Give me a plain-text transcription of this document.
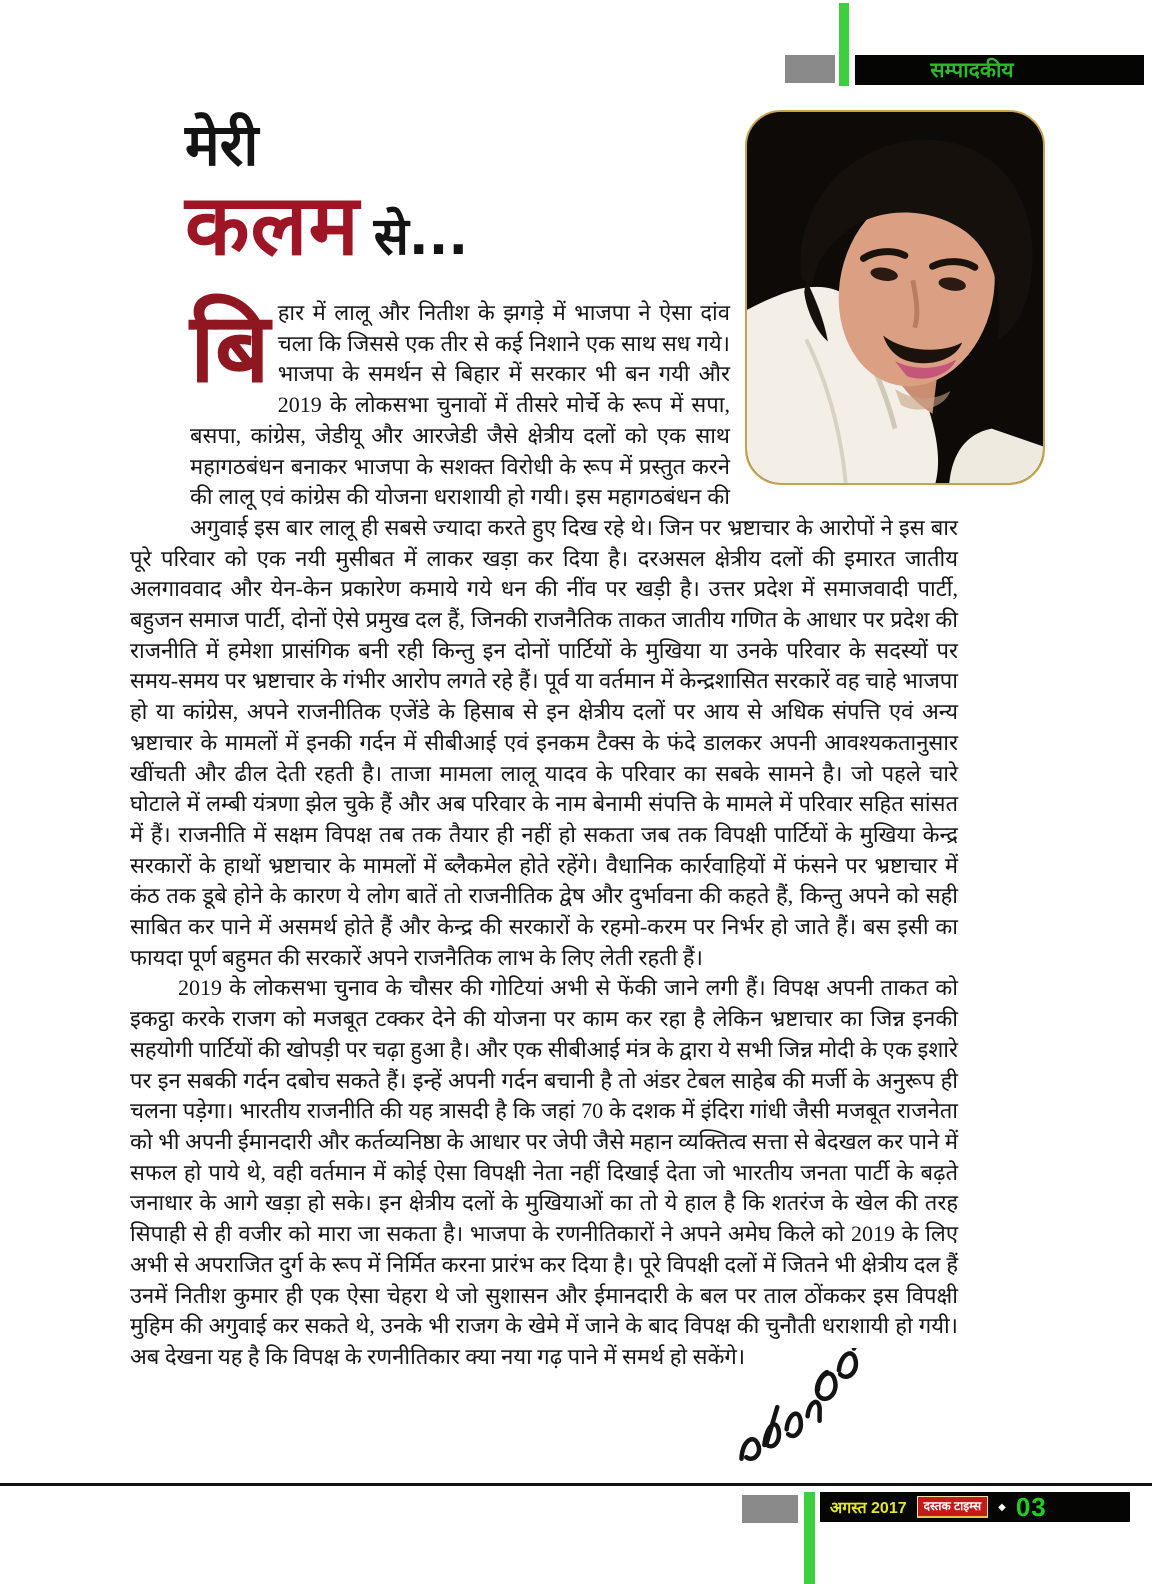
सम्पादकीय
मेरी
कलम से...
बि हार में लालू और नितीश के झगड़े में भाजपा ने ऐसा दांव चला कि जिससे एक तीर से कई निशाने एक साथ सध गये। भाजपा के समर्थन से बिहार में सरकार भी बन गयी और 2019 के लोकसभा चुनावों में तीसरे मोर्चे के रूप में सपा, बसपा, कांग्रेस, जेडीयू और आरजेडी जैसे क्षेत्रीय दलों को एक साथ महागठबंधन बनाकर भाजपा के सशक्त विरोधी के रूप में प्रस्तुत करने की लालू एवं कांग्रेस की योजना धराशायी हो गयी। इस महागठबंधन की अगुवाई इस बार लालू ही सबसे ज्यादा करते हुए दिख रहे थे। जिन पर भ्रष्टाचार के आरोपों ने इस बार पूरे परिवार को एक नयी मुसीबत में लाकर खड़ा कर दिया है। दरअसल क्षेत्रीय दलों की इमारत जातीय अलगाववाद और येन-केन प्रकारेण कमाये गये धन की नींव पर खड़ी है। उत्तर प्रदेश में समाजवादी पार्टी, बहुजन समाज पार्टी, दोनों ऐसे प्रमुख दल हैं, जिनकी राजनैतिक ताकत जातीय गणित के आधार पर प्रदेश की राजनीति में हमेशा प्रासंगिक बनी रही किन्तु इन दोनों पार्टियों के मुखिया या उनके परिवार के सदस्यों पर समय-समय पर भ्रष्टाचार के गंभीर आरोप लगते रहे हैं। पूर्व या वर्तमान में केन्द्रशासित सरकारें वह चाहे भाजपा हो या कांग्रेस, अपने राजनीतिक एजेंडे के हिसाब से इन क्षेत्रीय दलों पर आय से अधिक संपत्ति एवं अन्य भ्रष्टाचार के मामलों में इनकी गर्दन में सीबीआई एवं इनकम टैक्स के फंदे डालकर अपनी आवश्यकतानुसार खींचती और ढील देती रहती है। ताजा मामला लालू यादव के परिवार का सबके सामने है। जो पहले चारे घोटाले में लम्बी यंत्रणा झेल चुके हैं और अब परिवार के नाम बेनामी संपत्ति के मामले में परिवार सहित सांसत में हैं। राजनीति में सक्षम विपक्ष तब तक तैयार ही नहीं हो सकता जब तक विपक्षी पार्टियों के मुखिया केन्द्र सरकारों के हाथों भ्रष्टाचार के मामलों में ब्लैकमेल होते रहेंगे। वैधानिक कार्रवाहियों में फंसने पर भ्रष्टाचार में कंठ तक डूबे होने के कारण ये लोग बातें तो राजनीतिक द्वेष और दुर्भावना की कहते हैं, किन्तु अपने को सही साबित कर पाने में असमर्थ होते हैं और केन्द्र की सरकारों के रहमो-करम पर निर्भर हो जाते हैं। बस इसी का फायदा पूर्ण बहुमत की सरकारें अपने राजनैतिक लाभ के लिए लेती रहती हैं।

2019 के लोकसभा चुनाव के चौसर की गोटियां अभी से फेंकी जाने लगी हैं। विपक्ष अपनी ताकत को इकट्ठा करके राजग को मजबूत टक्कर देने की योजना पर काम कर रहा है लेकिन भ्रष्टाचार का जिन्न इनकी सहयोगी पार्टियों की खोपड़ी पर चढ़ा हुआ है। और एक सीबीआई मंत्र के द्वारा ये सभी जिन्न मोदी के एक इशारे पर इन सबकी गर्दन दबोच सकते हैं। इन्हें अपनी गर्दन बचानी है तो अंडर टेबल साहेब की मर्जी के अनुरूप ही चलना पड़ेगा। भारतीय राजनीति की यह त्रासदी है कि जहां 70 के दशक में इंदिरा गांधी जैसी मजबूत राजनेता को भी अपनी ईमानदारी और कर्तव्यनिष्ठा के आधार पर जेपी जैसे महान व्यक्तित्व सत्ता से बेदखल कर पाने में सफल हो पाये थे, वही वर्तमान में कोई ऐसा विपक्षी नेता नहीं दिखाई देता जो भारतीय जनता पार्टी के बढ़ते जनाधार के आगे खड़ा हो सके। इन क्षेत्रीय दलों के मुखियाओं का तो ये हाल है कि शतरंज के खेल की तरह सिपाही से ही वजीर को मारा जा सकता है। भाजपा के रणनीतिकारों ने अपने अमेघ किले को 2019 के लिए अभी से अपराजित दुर्ग के रूप में निर्मित करना प्रारंभ कर दिया है। पूरे विपक्षी दलों में जितने भी क्षेत्रीय दल हैं उनमें नितीश कुमार ही एक ऐसा चेहरा थे जो सुशासन और ईमानदारी के बल पर ताल ठोंककर इस विपक्षी मुहिम की अगुवाई कर सकते थे, उनके भी राजग के खेमे में जाने के बाद विपक्ष की चुनौती धराशायी हो गयी। अब देखना यह है कि विपक्ष के रणनीतिकार क्या नया गढ़ पाने में समर्थ हो सकेंगे।

अगस्त 2017	दस्तक टाइम्स	◆ 03
